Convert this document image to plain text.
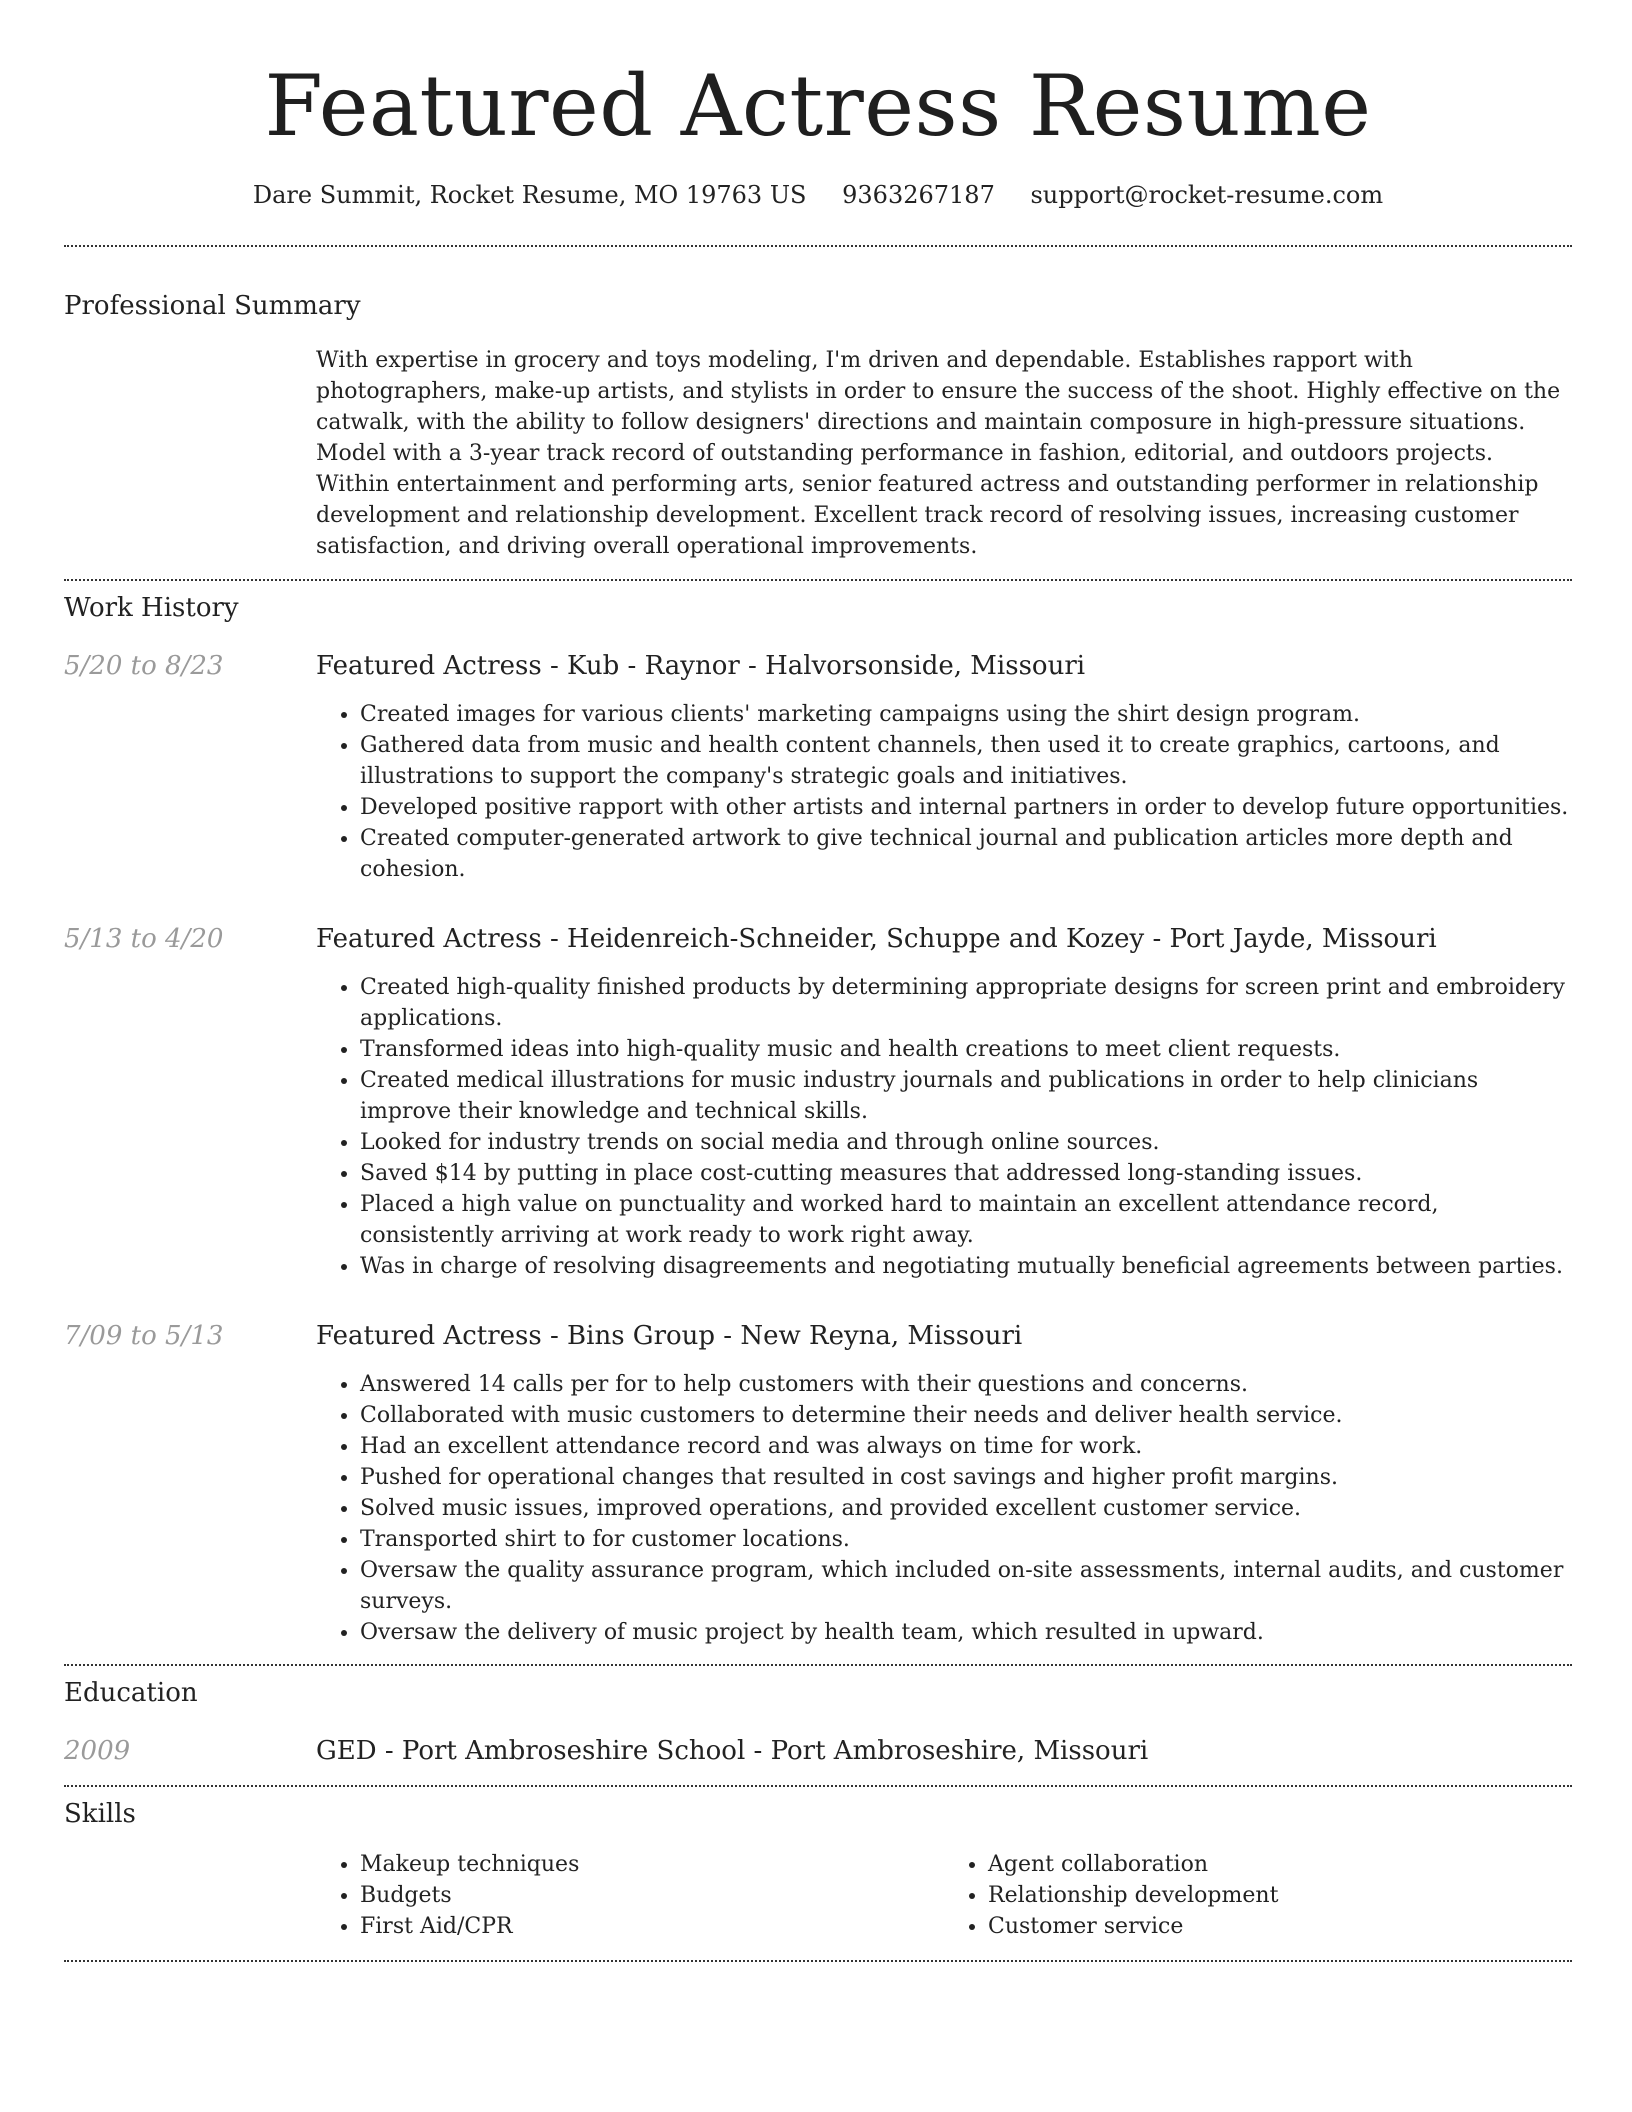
Featured Actress Resume
Dare Summit, Rocket Resume, MO 19763 US 9363267187 support@rocket-resume.com
Professional Summary

With expertise in grocery and toys modeling, I'm driven and dependable. Establishes rapport with photographers, make-up artists, and stylists in order to ensure the success of the shoot. Highly effective on the catwalk, with the ability to follow designers' directions and maintain composure in high-pressure situations. Model with a 3-year track record of outstanding performance in fashion, editorial, and outdoors projects. Within entertainment and performing arts, senior featured actress and outstanding performer in relationship development and relationship development. Excellent track record of resolving issues, increasing customer satisfaction, and driving overall operational improvements.

Work History
5/20 to 8/23	Featured Actress - Kub - Raynor - Halvorsonside, Missouri
• Created images for various clients' marketing campaigns using the shirt design program.
• Gathered data from music and health content channels, then used it to create graphics, cartoons, and illustrations to support the company's strategic goals and initiatives.
• Developed positive rapport with other artists and internal partners in order to develop future opportunities.
• Created computer-generated artwork to give technical journal and publication articles more depth and cohesion.
5/13 to 4/20	Featured Actress - Heidenreich-Schneider, Schuppe and Kozey - Port Jayde, Missouri
• Created high-quality finished products by determining appropriate designs for screen print and embroidery applications.
• Transformed ideas into high-quality music and health creations to meet client requests.
• Created medical illustrations for music industry journals and publications in order to help clinicians improve their knowledge and technical skills.
• Looked for industry trends on social media and through online sources.
• Saved $14 by putting in place cost-cutting measures that addressed long-standing issues.
• Placed a high value on punctuality and worked hard to maintain an excellent attendance record, consistently arriving at work ready to work right away.
• Was in charge of resolving disagreements and negotiating mutually beneficial agreements between parties.
7/09 to 5/13	Featured Actress - Bins Group - New Reyna, Missouri
• Answered 14 calls per for to help customers with their questions and concerns.
• Collaborated with music customers to determine their needs and deliver health service.
• Had an excellent attendance record and was always on time for work.
• Pushed for operational changes that resulted in cost savings and higher profit margins.
• Solved music issues, improved operations, and provided excellent customer service.
• Transported shirt to for customer locations.
• Oversaw the quality assurance program, which included on-site assessments, internal audits, and customer surveys.
• Oversaw the delivery of music project by health team, which resulted in upward.
Education
2009	GED - Port Ambroseshire School - Port Ambroseshire, Missouri
Skills
• Makeup techniques
• Budgets
• First Aid/CPR
• Agent collaboration
• Relationship development
• Customer service
